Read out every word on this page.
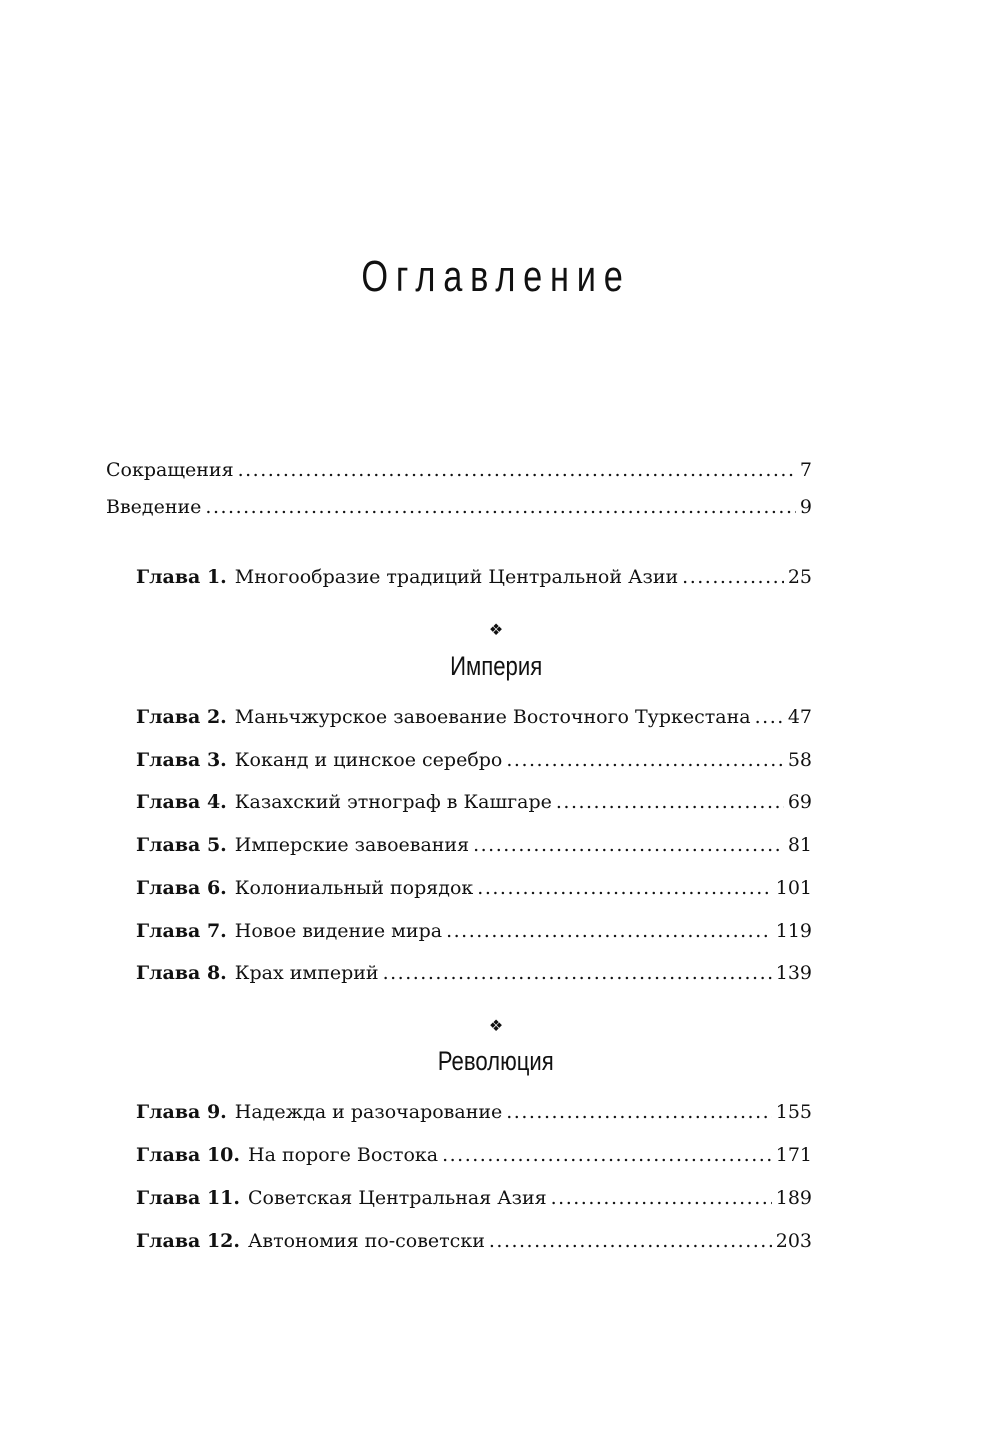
Оглавление
Сокращения .....	7
Введение .....	9
Глава 1. Многообразие традиций Центральной Азии .....	25
❖
Империя
Глава 2. Маньчжурское завоевание Восточного Туркестана ..... 47
Глава 3. Коканд и цинское серебро .....	58
Глава 4. Казахский этнограф в Кашгаре .....	69
Глава 5. Имперские завоевания .....	81
Глава 6. Колониальный порядок .....	101
Глава 7. Новое видение мира .....	119
Глава 8. Крах империй .....	139
❖
Революция
Глава 9. Надежда и разочарование .....	155
Глава 10. На пороге Востока .....	171
Глава 11. Советская Центральная Азия .....	189
Глава 12. Автономия по-советски .....	203
